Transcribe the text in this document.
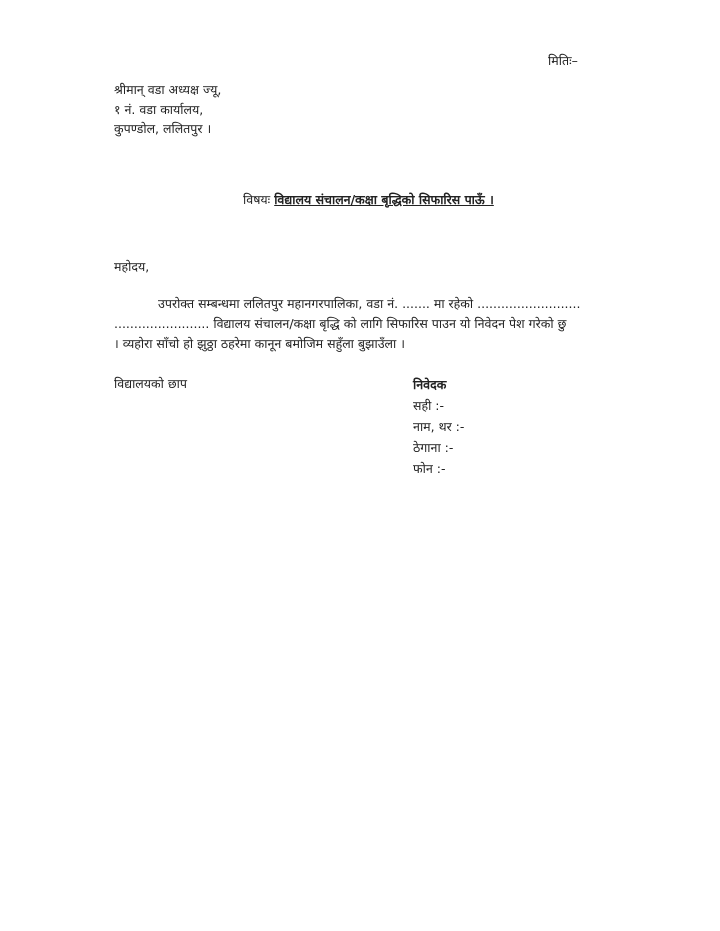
मितिः–
श्रीमान् वडा अध्यक्ष ज्यू,
१ नं. वडा कार्यालय,
कुपण्डोल, ललितपुर ।
विषयः विद्यालय संचालन/कक्षा बृद्धिको सिफारिस पाऊँ ।
महोदय,
उपरोक्त सम्बन्धमा ललितपुर महानगरपालिका, वडा नं. ....... मा रहेको ..........................
........................ विद्यालय संचालन/कक्षा बृद्धि को लागि सिफारिस पाउन यो निवेदन पेश गरेको छु
। व्यहोरा साँचो हो झुठ्ठा ठहरेमा कानून बमोजिम सहुँला बुझाउँला ।
विद्यालयको छाप	निवेदक
सही :-
नाम, थर :-
ठेगाना :-
फोन :-
